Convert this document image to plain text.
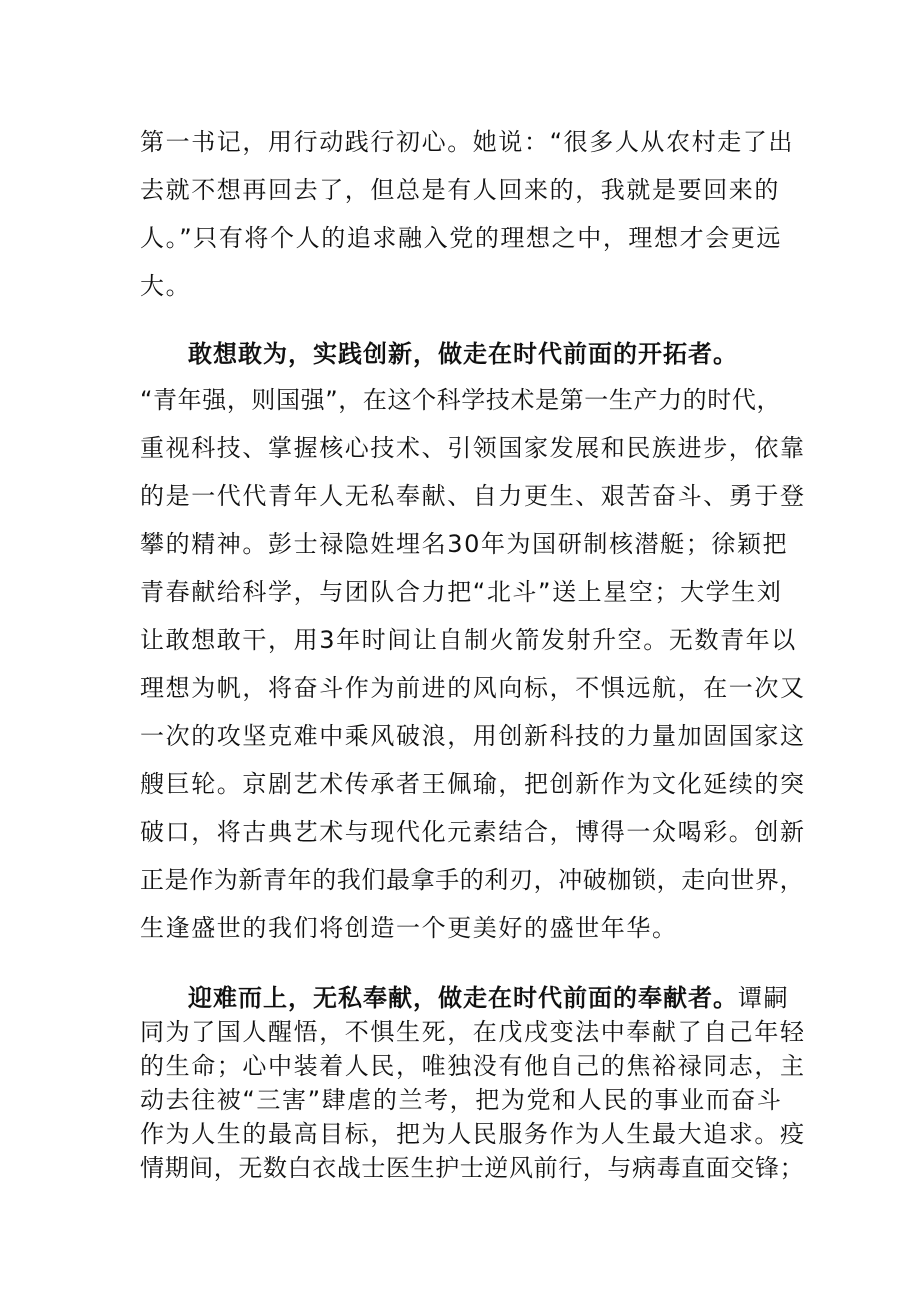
第一书记，用行动践行初心。她说：“很多人从农村走了出
去就不想再回去了，但总是有人回来的，我就是要回来的
人。”只有将个人的追求融入党的理想之中，理想才会更远
大。
敢想敢为，实践创新，做走在时代前面的开拓者。
“青年强，则国强”，在这个科学技术是第一生产力的时代，
重视科技、掌握核心技术、引领国家发展和民族进步，依靠
的是一代代青年人无私奉献、自力更生、艰苦奋斗、勇于登
攀的精神。彭士禄隐姓埋名30年为国研制核潜艇；徐颖把
青春献给科学，与团队合力把“北斗”送上星空；大学生刘
让敢想敢干，用3年时间让自制火箭发射升空。无数青年以
理想为帆，将奋斗作为前进的风向标，不惧远航，在一次又
一次的攻坚克难中乘风破浪，用创新科技的力量加固国家这
艘巨轮。京剧艺术传承者王佩瑜，把创新作为文化延续的突
破口，将古典艺术与现代化元素结合，博得一众喝彩。创新
正是作为新青年的我们最拿手的利刃，冲破枷锁，走向世界，
生逢盛世的我们将创造一个更美好的盛世年华。
迎难而上，无私奉献，做走在时代前面的奉献者。谭嗣
同为了国人醒悟，不惧生死，在戊戌变法中奉献了自己年轻
的生命；心中装着人民，唯独没有他自己的焦裕禄同志，主
动去往被“三害”肆虐的兰考，把为党和人民的事业而奋斗
作为人生的最高目标，把为人民服务作为人生最大追求。疫
情期间，无数白衣战士医生护士逆风前行，与病毒直面交锋；
